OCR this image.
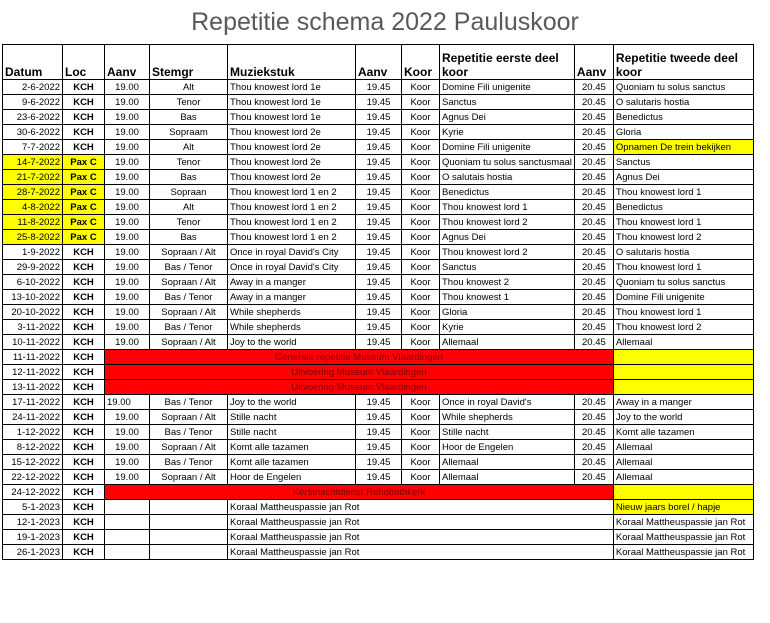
Repetitie schema 2022 Pauluskoor
Datum	Loc	Aanv	Stemgr	Muziekstuk	Aanv	Koor	Repetitie eerste deel koor	Aanv	Repetitie tweede deel koor
2-6-2022	KCH	19.00	Alt	Thou knowest lord 1e	19.45	Koor	Domine Fili unigenite	20.45	Quoniam tu solus sanctus
9-6-2022	KCH	19.00	Tenor	Thou knowest lord 1e	19.45	Koor	Sanctus	20.45	O salutaris hostia
23-6-2022	KCH	19.00	Bas	Thou knowest lord 1e	19.45	Koor	Agnus Dei	20.45	Benedictus
30-6-2022	KCH	19.00	Sopraam	Thou knowest lord 2e	19.45	Koor	Kyrie	20.45	Gloria
7-7-2022	KCH	19.00	Alt	Thou knowest lord 2e	19.45	Koor	Domine Fili unigenite	20.45	Opnamen De trein bekijken
14-7-2022	Pax C	19.00	Tenor	Thou knowest lord 2e	19.45	Koor	Quoniam tu solus sanctusmaal	20.45	Sanctus
21-7-2022	Pax C	19.00	Bas	Thou knowest lord 2e	19.45	Koor	O salutais hostia	20.45	Agnus Dei
28-7-2022	Pax C	19.00	Sopraan	Thou knowest lord 1 en 2	19.45	Koor	Benedictus	20.45	Thou knowest lord 1
4-8-2022	Pax C	19.00	Alt	Thou knowest lord 1 en 2	19.45	Koor	Thou knowest lord 1	20.45	Benedictus
11-8-2022	Pax C	19.00	Tenor	Thou knowest lord 1 en 2	19.45	Koor	Thou knowest lord 2	20.45	Thou knowest lord 1
25-8-2022	Pax C	19.00	Bas	Thou knowest lord 1 en 2	19.45	Koor	Agnus Dei	20.45	Thou knowest lord 2
1-9-2022	KCH	19.00	Sopraan / Alt	Once in royal David's City	19.45	Koor	Thou knowest lord 2	20.45	O salutaris hostia
29-9-2022	KCH	19.00	Bas / Tenor	Once in royal David's City	19.45	Koor	Sanctus	20.45	Thou knowest lord 1
6-10-2022	KCH	19.00	Sopraan / Alt	Away in a manger	19.45	Koor	Thou knowest 2	20.45	Quoniam tu solus sanctus
13-10-2022	KCH	19.00	Bas / Tenor	Away in a manger	19.45	Koor	Thou knowest 1	20.45	Domine Fili unigenite
20-10-2022	KCH	19.00	Sopraan / Alt	While shepherds	19.45	Koor	Gloria	20.45	Thou knowest lord 1
3-11-2022	KCH	19.00	Bas / Tenor	While shepherds	19.45	Koor	Kyrie	20.45	Thou knowest lord 2
10-11-2022	KCH	19.00	Sopraan / Alt	Joy to the world	19.45	Koor	Allemaal	20.45	Allemaal
11-11-2022	KCH	Generale repetitie Museum Vlaardingen							
12-11-2022	KCH	Uitvoering Museum Vlaardingen							
13-11-2022	KCH	Uitvoering Museum Vlaardingen							
17-11-2022	KCH	19.00	Bas / Tenor	Joy to the world	19.45	Koor	Once in royal David's	20.45	Away in a manger
24-11-2022	KCH	19.00	Sopraan / Alt	Stille nacht	19.45	Koor	While shepherds	20.45	Joy to the world
1-12-2022	KCH	19.00	Bas / Tenor	Stille nacht	19.45	Koor	Stille nacht	20.45	Komt alle tazamen
8-12-2022	KCH	19.00	Sopraan / Alt	Komt alle tazamen	19.45	Koor	Hoor de Engelen	20.45	Allemaal
15-12-2022	KCH	19.00	Bas / Tenor	Komt alle tazamen	19.45	Koor	Allemaal	20.45	Allemaal
22-12-2022	KCH	19.00	Sopraan / Alt	Hoor de Engelen	19.45	Koor	Allemaal	20.45	Allemaal
24-12-2022	KCH	Kerstnachtdienst Rehobothkerk							
5-1-2023	KCH			Koraal Mattheuspassie jan Rot					Nieuw jaars borel / hapje
12-1-2023	KCH			Koraal Mattheuspassie jan Rot					Koraal Mattheuspassie jan Rot
19-1-2023	KCH			Koraal Mattheuspassie jan Rot					Koraal Mattheuspassie jan Rot
26-1-2023	KCH			Koraal Mattheuspassie jan Rot					Koraal Mattheuspassie jan Rot
